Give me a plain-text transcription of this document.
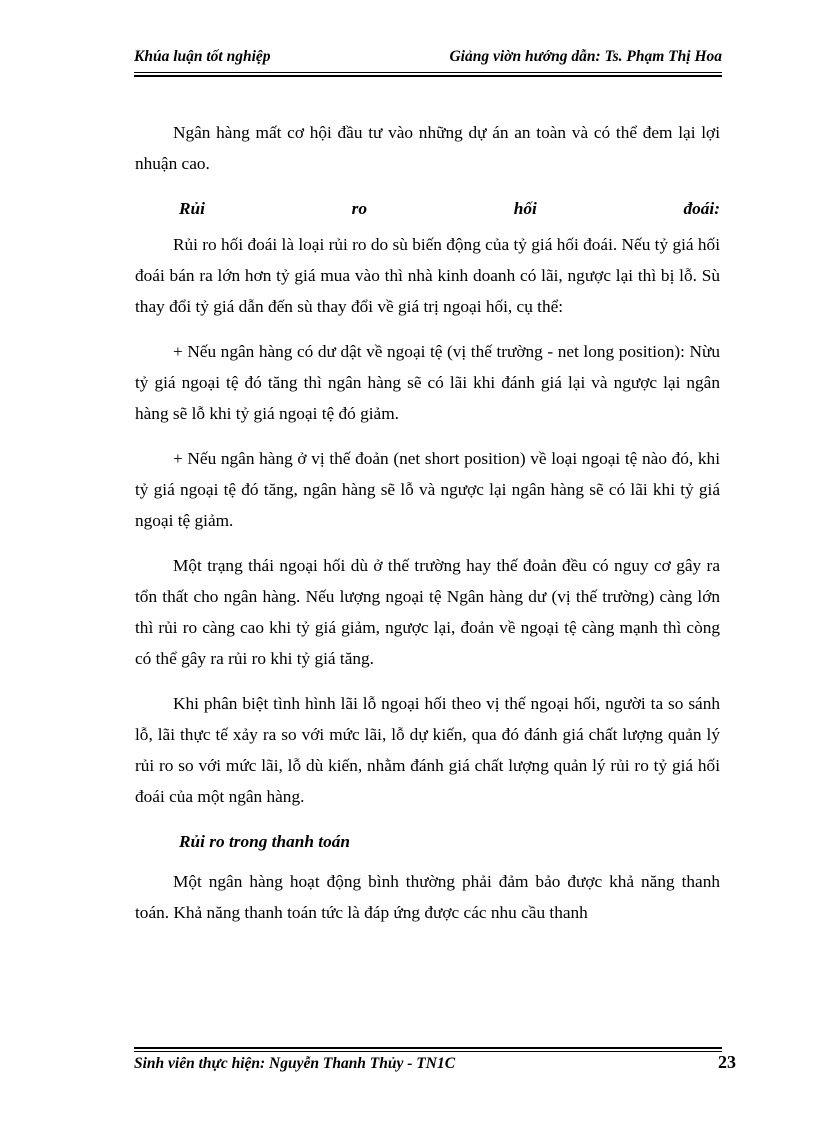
Khúa luận tốt nghiệp	Giảng viờn hướng dẫn: Ts. Phạm Thị Hoa

Ngân hàng mất cơ hội đầu tư vào những dự án an toàn và có thể đem lại lợi nhuận cao.

Rủi	ro	hối	đoái:

Rủi ro hối đoái là loại rủi ro do sù biến động của tỷ giá hối đoái. Nếu tỷ giá hối đoái bán ra lớn hơn tỷ giá mua vào thì nhà kinh doanh có lãi, ngược lại thì bị lỗ. Sù thay đổi tỷ giá dẫn đến sù thay đổi về giá trị ngoại hối, cụ thể:

+ Nếu ngân hàng có dư dật về ngoại tệ (vị thế trường - net long position): Nừu tỷ giá ngoại tệ đó tăng thì ngân hàng sẽ có lãi khi đánh giá lại và ngược lại ngân hàng sẽ lỗ khi tỷ giá ngoại tệ đó giảm.

+ Nếu ngân hàng ở vị thế đoản (net short position) về loại ngoại tệ nào đó, khi tỷ giá ngoại tệ đó tăng, ngân hàng sẽ lỗ và ngược lại ngân hàng sẽ có lãi khi tỷ giá ngoại tệ giảm.

Một trạng thái ngoại hối dù ở thế trường hay thế đoản đều có nguy cơ gây ra tổn thất cho ngân hàng. Nếu lượng ngoại tệ Ngân hàng dư (vị thế trường) càng lớn thì rủi ro càng cao khi tỷ giá giảm, ngược lại, đoản về ngoại tệ càng mạnh thì còng có thể gây ra rủi ro khi tỷ giá tăng.

Khi phân biệt tình hình lãi lỗ ngoại hối theo vị thế ngoại hối, người ta so sánh lỗ, lãi thực tế xảy ra so với mức lãi, lỗ dự kiến, qua đó đánh giá chất lượng quản lý rủi ro so với mức lãi, lỗ dù kiến, nhằm đánh giá chất lượng quản lý rủi ro tỷ giá hối đoái của một ngân hàng.

Rủi ro trong thanh toán

Một ngân hàng hoạt động bình thường phải đảm bảo được khả năng thanh toán. Khả năng thanh toán tức là đáp ứng được các nhu cầu thanh

Sinh viên thực hiện: Nguyễn Thanh Thủy - TN1C	23
